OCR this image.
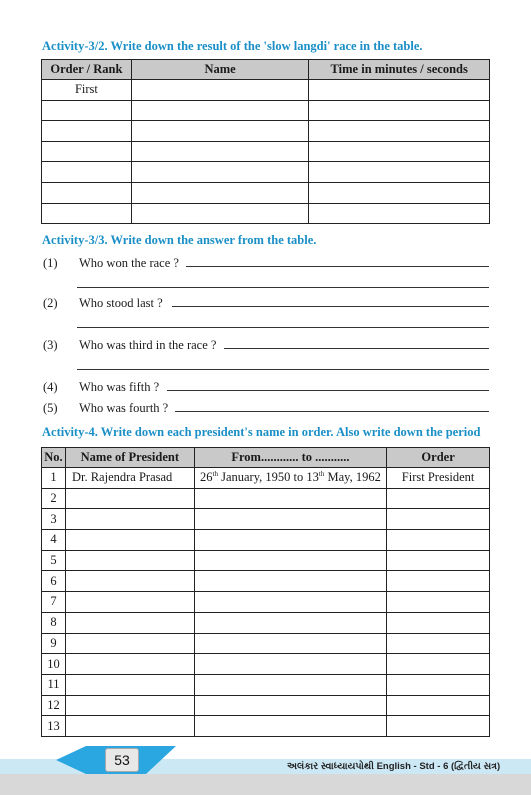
Activity-3/2. Write down the result of the 'slow langdi' race in the table.
Order / Rank	Name	Time in minutes / seconds
First		

Activity-3/3. Write down the answer from the table.
(1) Who won the race ?
(2) Who stood last ?
(3) Who was third in the race ?
(4) Who was fifth ?
(5) Who was fourth ?
Activity-4. Write down each president's name in order. Also write down the period
No.	Name of President	From............ to ...........	Order
1	Dr. Rajendra Prasad	26th January, 1950 to 13th May, 1962	First President
2			
3			
4			
5			
6			
7			
8			
9			
10			
11			
12			
13			
53	અલંકાર સ્વાધ્યાયપોથી English - Std - 6 (દ્વિતીય સત્ર)
